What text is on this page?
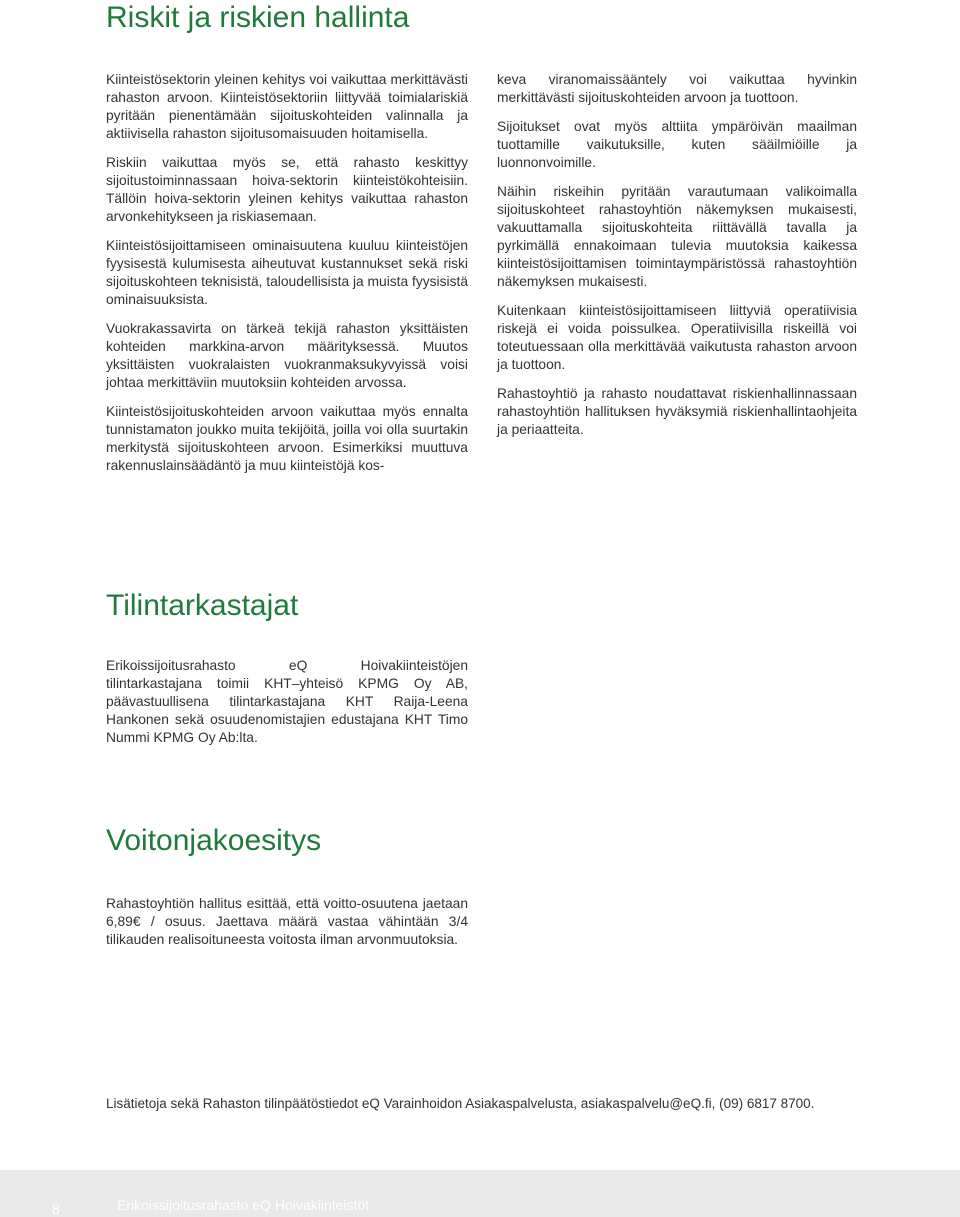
Riskit ja riskien hallinta

Kiinteistösektorin yleinen kehitys voi vaikuttaa merkittävästi rahaston arvoon. Kiinteistösektoriin liittyvää toimialariskiä pyritään pienentämään sijoituskohteiden valinnalla ja aktiivisella rahaston sijoitusomaisuuden hoitamisella.

Riskiin vaikuttaa myös se, että rahasto keskittyy sijoitustoiminnassaan hoiva-sektorin kiinteistökohteisiin. Tällöin hoiva-sektorin yleinen kehitys vaikuttaa rahaston arvonkehitykseen ja riskiasemaan.

Kiinteistösijoittamiseen ominaisuutena kuuluu kiinteistöjen fyysisestä kulumisesta aiheutuvat kustannukset sekä riski sijoituskohteen teknisistä, taloudellisista ja muista fyysisistä ominaisuuksista.

Vuokrakassavirta on tärkeä tekijä rahaston yksittäisten kohteiden markkina-arvon määrityksessä. Muutos yksittäisten vuokralaisten vuokranmaksukyvyissä voisi johtaa merkittäviin muutoksiin kohteiden arvossa.

Kiinteistösijoituskohteiden arvoon vaikuttaa myös ennalta tunnistamaton joukko muita tekijöitä, joilla voi olla suurtakin merkitystä sijoituskohteen arvoon. Esimerkiksi muuttuva rakennuslainsäädäntö ja muu kiinteistöjä kos-

keva viranomaissääntely voi vaikuttaa hyvinkin merkittävästi sijoituskohteiden arvoon ja tuottoon.

Sijoitukset ovat myös alttiita ympäröivän maailman tuottamille vaikutuksille, kuten sääilmiöille ja luonnonvoimille.

Näihin riskeihin pyritään varautumaan valikoimalla sijoituskohteet rahastoyhtiön näkemyksen mukaisesti, vakuuttamalla sijoituskohteita riittävällä tavalla ja pyrkimällä ennakoimaan tulevia muutoksia kaikessa kiinteistösijoittamisen toimintaympäristössä rahastoyhtiön näkemyksen mukaisesti.

Kuitenkaan kiinteistösijoittamiseen liittyviä operatiivisia riskejä ei voida poissulkea. Operatiivisilla riskeillä voi toteutuessaan olla merkittävää vaikutusta rahaston arvoon ja tuottoon.

Rahastoyhtiö ja rahasto noudattavat riskienhallinnassaan rahastoyhtiön hallituksen hyväksymiä riskienhallintaohjeita ja periaatteita.

Tilintarkastajat

Erikoissijoitusrahasto eQ Hoivakiinteistöjen tilintarkastajana toimii KHT–yhteisö KPMG Oy AB, päävastuullisena tilintarkastajana KHT Raija-Leena Hankonen sekä osuudenomistajien edustajana KHT Timo Nummi KPMG Oy Ab:lta.

Voitonjakoesitys

Rahastoyhtiön hallitus esittää, että voitto-osuutena jaetaan 6,89€ / osuus. Jaettava määrä vastaa vähintään 3/4 tilikauden realisoituneesta voitosta ilman arvonmuutoksia.

Lisätietoja sekä Rahaston tilinpäätöstiedot eQ Varainhoidon Asiakaspalvelusta, asiakaspalvelu@eQ.fi, (09) 6817 8700.
8	Erikoissijoitusrahasto eQ Hoivakiinteistöt
